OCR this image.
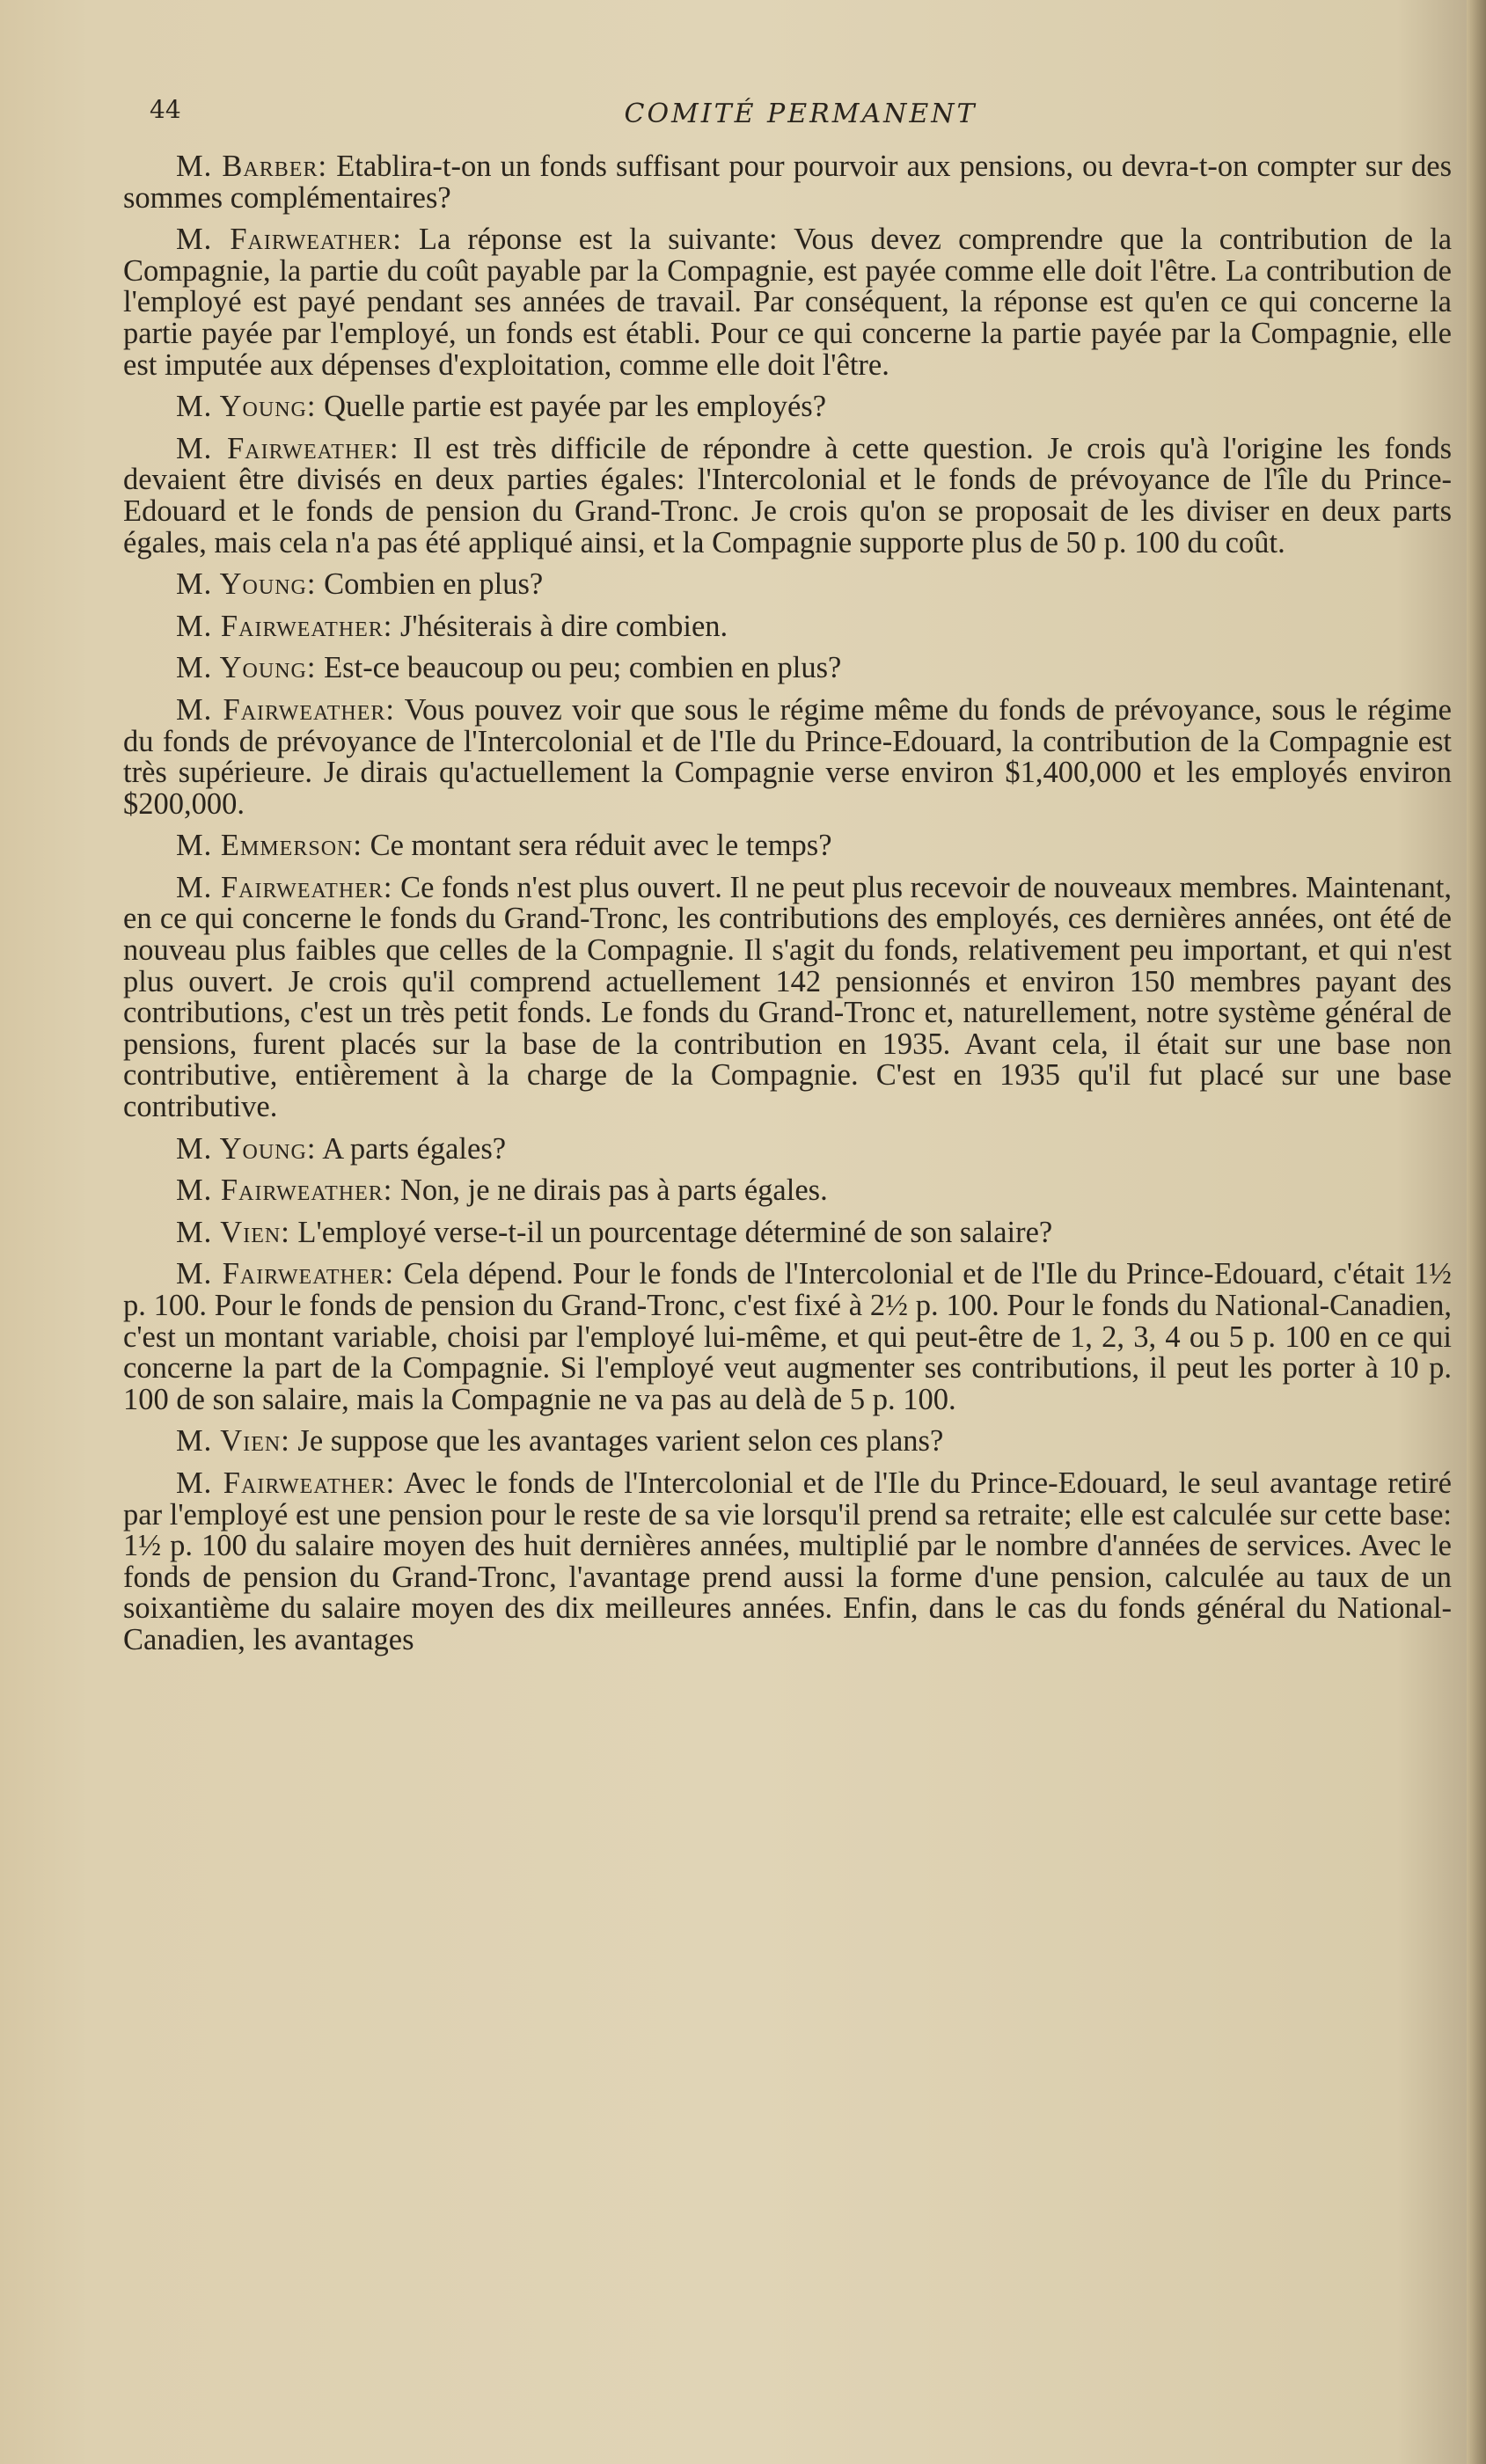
44	COMITÉ PERMANENT

M. Barber: Etablira-t-on un fonds suffisant pour pourvoir aux pensions, ou devra-t-on compter sur des sommes complémentaires?

M. Fairweather: La réponse est la suivante: Vous devez comprendre que la contribution de la Compagnie, la partie du coût payable par la Compagnie, est payée comme elle doit l'être. La contribution de l'employé est payé pendant ses années de travail. Par conséquent, la réponse est qu'en ce qui concerne la partie payée par l'employé, un fonds est établi. Pour ce qui concerne la partie payée par la Compagnie, elle est imputée aux dépenses d'exploitation, comme elle doit l'être.

M. Young: Quelle partie est payée par les employés?

M. Fairweather: Il est très difficile de répondre à cette question. Je crois qu'à l'origine les fonds devaient être divisés en deux parties égales: l'Intercolonial et le fonds de prévoyance de l'île du Prince-Edouard et le fonds de pension du Grand-Tronc. Je crois qu'on se proposait de les diviser en deux parts égales, mais cela n'a pas été appliqué ainsi, et la Compagnie supporte plus de 50 p. 100 du coût.

M. Young: Combien en plus?

M. Fairweather: J'hésiterais à dire combien.

M. Young: Est-ce beaucoup ou peu; combien en plus?

M. Fairweather: Vous pouvez voir que sous le régime même du fonds de prévoyance, sous le régime du fonds de prévoyance de l'Intercolonial et de l'Ile du Prince-Edouard, la contribution de la Compagnie est très supérieure. Je dirais qu'actuellement la Compagnie verse environ $1,400,000 et les employés environ $200,000.

M. Emmerson: Ce montant sera réduit avec le temps?

M. Fairweather: Ce fonds n'est plus ouvert. Il ne peut plus recevoir de nouveaux membres. Maintenant, en ce qui concerne le fonds du Grand-Tronc, les contributions des employés, ces dernières années, ont été de nouveau plus faibles que celles de la Compagnie. Il s'agit du fonds, relativement peu important, et qui n'est plus ouvert. Je crois qu'il comprend actuellement 142 pensionnés et environ 150 membres payant des contributions, c'est un très petit fonds. Le fonds du Grand-Tronc et, naturellement, notre système général de pensions, furent placés sur la base de la contribution en 1935. Avant cela, il était sur une base non contributive, entièrement à la charge de la Compagnie. C'est en 1935 qu'il fut placé sur une base contributive.

M. Young: A parts égales?

M. Fairweather: Non, je ne dirais pas à parts égales.

M. Vien: L'employé verse-t-il un pourcentage déterminé de son salaire?

M. Fairweather: Cela dépend. Pour le fonds de l'Intercolonial et de l'Ile du Prince-Edouard, c'était 1½ p. 100. Pour le fonds de pension du Grand-Tronc, c'est fixé à 2½ p. 100. Pour le fonds du National-Canadien, c'est un montant variable, choisi par l'employé lui-même, et qui peut-être de 1, 2, 3, 4 ou 5 p. 100 en ce qui concerne la part de la Compagnie. Si l'employé veut augmenter ses contributions, il peut les porter à 10 p. 100 de son salaire, mais la Compagnie ne va pas au delà de 5 p. 100.

M. Vien: Je suppose que les avantages varient selon ces plans?

M. Fairweather: Avec le fonds de l'Intercolonial et de l'Ile du Prince-Edouard, le seul avantage retiré par l'employé est une pension pour le reste de sa vie lorsqu'il prend sa retraite; elle est calculée sur cette base: 1½ p. 100 du salaire moyen des huit dernières années, multiplié par le nombre d'années de services. Avec le fonds de pension du Grand-Tronc, l'avantage prend aussi la forme d'une pension, calculée au taux de un soixantième du salaire moyen des dix meilleures années. Enfin, dans le cas du fonds général du National-Canadien, les avantages
